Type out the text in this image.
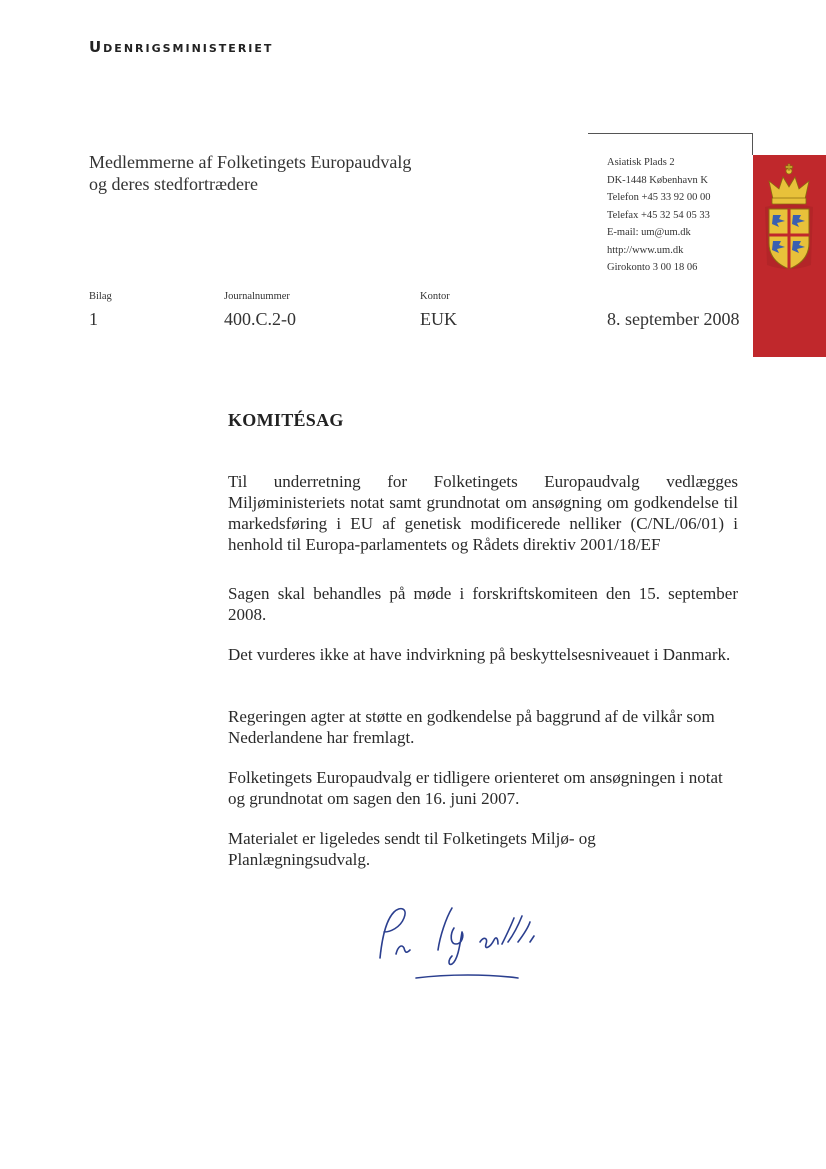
Udenrigsministeriet
Medlemmerne af Folketingets Europaudvalg
og deres stedfortrædere
Asiatisk Plads 2
DK-1448 København K
Telefon +45 33 92 00 00
Telefax +45 32 54 05 33
E-mail: um@um.dk
http://www.um.dk
Girokonto 3 00 18 06
Bilag
1
Journalnummer
400.C.2-0
Kontor
EUK	8. september 2008
KOMITÉSAG
Til underretning for Folketingets Europaudvalg vedlægges Miljøministeriets notat samt grundnotat om ansøgning om godkendelse til markedsføring i EU af genetisk modificerede nelliker (C/NL/06/01) i henhold til Europa-parlamentets og Rådets direktiv 2001/18/EF
Sagen skal behandles på møde i forskriftskomiteen den 15. september 2008.
Det vurderes ikke at have indvirkning på beskyttelsesniveauet i Danmark.
Regeringen agter at støtte en godkendelse på baggrund af de vilkår som Nederlandene har fremlagt.
Folketingets Europaudvalg er tidligere orienteret om ansøgningen i notat og grundnotat om sagen den 16. juni 2007.
Materialet er ligeledes sendt til Folketingets Miljø- og Planlægningsudvalg.
